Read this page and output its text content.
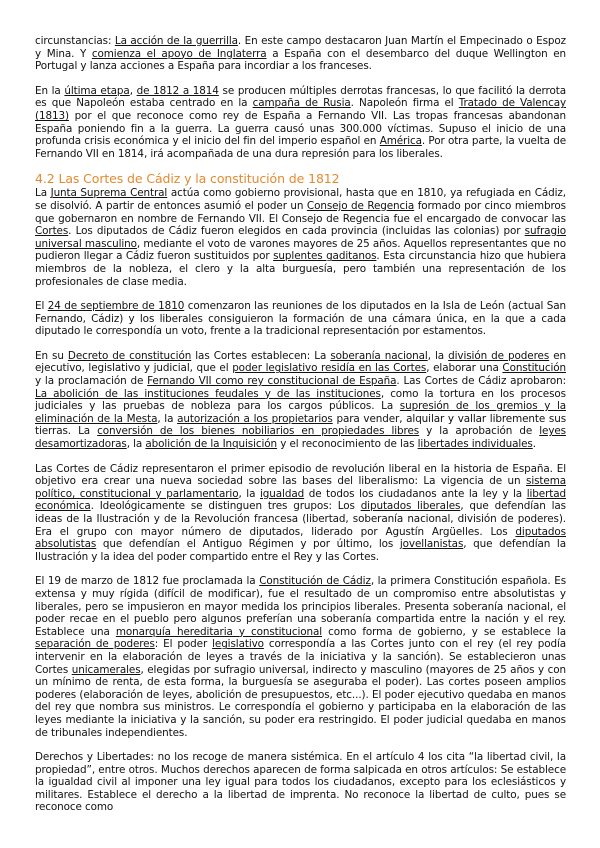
circunstancias: La acción de la guerrilla. En este campo destacaron Juan Martín el Empecinado o Espoz y Mina. Y comienza el apoyo de Inglaterra a España con el desembarco del duque Wellington en Portugal y lanza acciones a España para incordiar a los franceses.

En la última etapa, de 1812 a 1814 se producen múltiples derrotas francesas, lo que facilitó la derrota es que Napoleón estaba centrado en la campaña de Rusia. Napoleón firma el Tratado de Valencay (1813) por el que reconoce como rey de España a Fernando VII. Las tropas francesas abandonan España poniendo fin a la guerra. La guerra causó unas 300.000 víctimas. Supuso el inicio de una profunda crisis económica y el inicio del fin del imperio español en América. Por otra parte, la vuelta de Fernando VII en 1814, irá acompañada de una dura represión para los liberales.

4.2 Las Cortes de Cádiz y la constitución de 1812

La Junta Suprema Central actúa como gobierno provisional, hasta que en 1810, ya refugiada en Cádiz, se disolvió. A partir de entonces asumió el poder un Consejo de Regencia formado por cinco miembros que gobernaron en nombre de Fernando VII. El Consejo de Regencia fue el encargado de convocar las Cortes. Los diputados de Cádiz fueron elegidos en cada provincia (incluidas las colonias) por sufragio universal masculino, mediante el voto de varones mayores de 25 años. Aquellos representantes que no pudieron llegar a Cádiz fueron sustituidos por suplentes gaditanos. Esta circunstancia hizo que hubiera miembros de la nobleza, el clero y la alta burguesía, pero también una representación de los profesionales de clase media.

El 24 de septiembre de 1810 comenzaron las reuniones de los diputados en la Isla de León (actual San Fernando, Cádiz) y los liberales consiguieron la formación de una cámara única, en la que a cada diputado le correspondía un voto, frente a la tradicional representación por estamentos.

En su Decreto de constitución las Cortes establecen: La soberanía nacional, la división de poderes en ejecutivo, legislativo y judicial, que el poder legislativo residía en las Cortes, elaborar una Constitución y la proclamación de Fernando VII como rey constitucional de España. Las Cortes de Cádiz aprobaron: La abolición de las instituciones feudales y de las instituciones, como la tortura en los procesos judiciales y las pruebas de nobleza para los cargos públicos. La supresión de los gremios y la eliminación de la Mesta, la autorización a los propietarios para vender, alquilar y vallar libremente sus tierras. La conversión de los bienes nobiliarios en propiedades libres y la aprobación de leyes desamortizadoras, la abolición de la Inquisición y el reconocimiento de las libertades individuales.

Las Cortes de Cádiz representaron el primer episodio de revolución liberal en la historia de España. El objetivo era crear una nueva sociedad sobre las bases del liberalismo: La vigencia de un sistema político, constitucional y parlamentario, la igualdad de todos los ciudadanos ante la ley y la libertad económica. Ideológicamente se distinguen tres grupos: Los diputados liberales, que defendían las ideas de la Ilustración y de la Revolución francesa (libertad, soberanía nacional, división de poderes). Era el grupo con mayor número de diputados, liderado por Agustín Argüelles. Los diputados absolutistas que defendían el Antiguo Régimen y por último, los jovellanistas, que defendían la Ilustración y la idea del poder compartido entre el Rey y las Cortes.

El 19 de marzo de 1812 fue proclamada la Constitución de Cádiz, la primera Constitución española. Es extensa y muy rígida (difícil de modificar), fue el resultado de un compromiso entre absolutistas y liberales, pero se impusieron en mayor medida los principios liberales. Presenta soberanía nacional, el poder recae en el pueblo pero algunos preferían una soberanía compartida entre la nación y el rey. Establece una monarquía hereditaria y constitucional como forma de gobierno, y se establece la separación de poderes: El poder legislativo correspondía a las Cortes junto con el rey (el rey podía intervenir en la elaboración de leyes a través de la iniciativa y la sanción). Se establecieron unas Cortes unicamerales, elegidas por sufragio universal, indirecto y masculino (mayores de 25 años y con un mínimo de renta, de esta forma, la burguesía se aseguraba el poder). Las cortes poseen amplios poderes (elaboración de leyes, abolición de presupuestos, etc...). El poder ejecutivo quedaba en manos del rey que nombra sus ministros. Le correspondía el gobierno y participaba en la elaboración de las leyes mediante la iniciativa y la sanción, su poder era restringido. El poder judicial quedaba en manos de tribunales independientes.

Derechos y Libertades: no los recoge de manera sistémica. En el artículo 4 los cita “la libertad civil, la propiedad”, entre otros. Muchos derechos aparecen de forma salpicada en otros artículos: Se establece la igualdad civil al imponer una ley igual para todos los ciudadanos, excepto para los eclesiásticos y militares. Establece el derecho a la libertad de imprenta. No reconoce la libertad de culto, pues se reconoce como
